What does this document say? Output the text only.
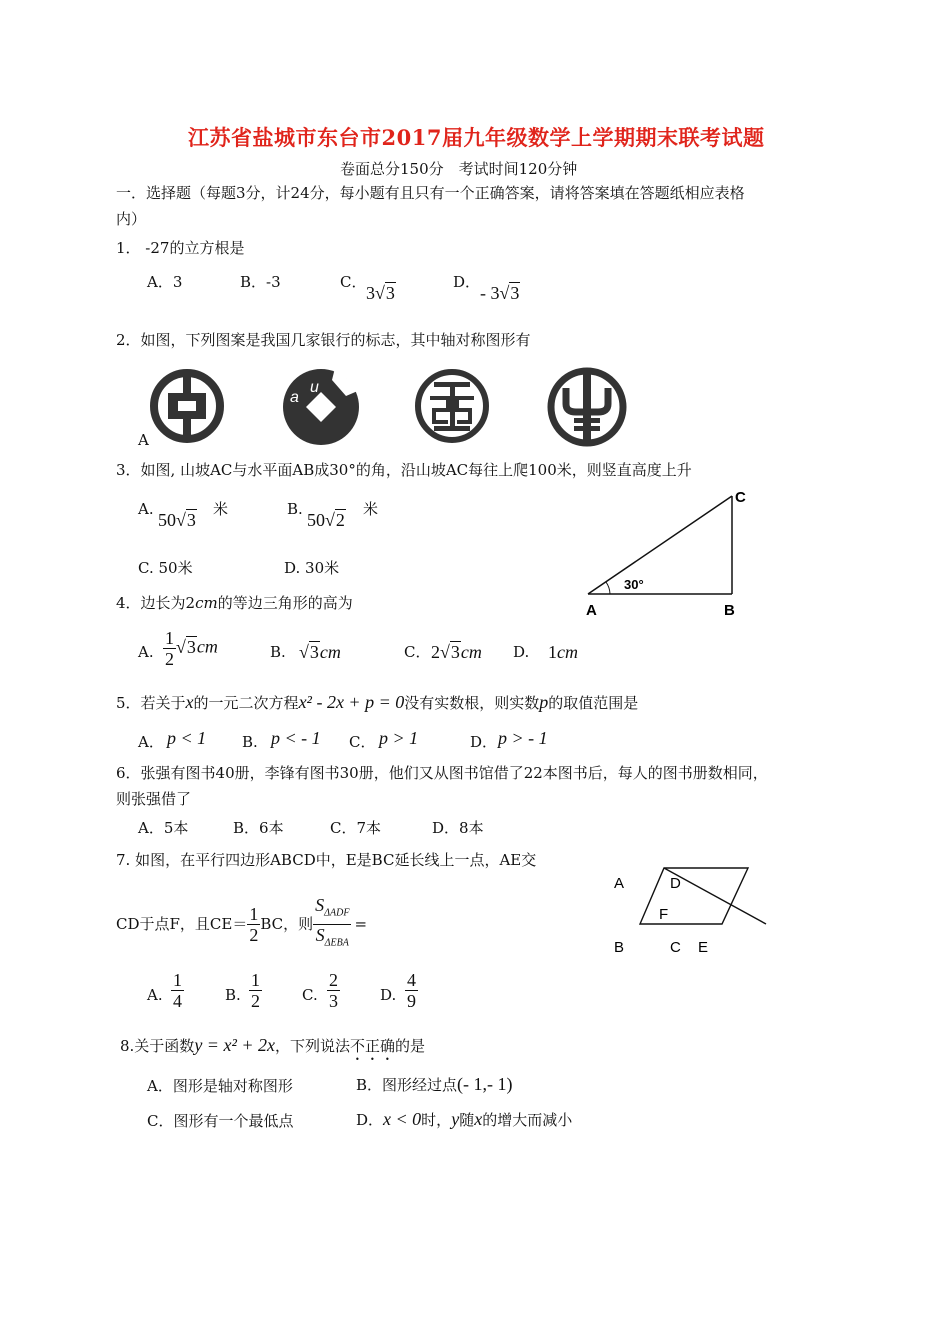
江苏省盐城市东台市2017届九年级数学上学期期末联考试题
卷面总分150分　考试时间120分钟
一．选择题（每题3分，计24分，每小题有且只有一个正确答案，请将答案填在答题纸相应表格
内）
1． -27的立方根是
A．3	B．-3	C．
3√3
D．
- 3√3
2．如图，下列图案是我国几家银行的标志，其中轴对称图形有
A
a
u
3．如图, 山坡AC与水平面AB成30°的角，沿山坡AC每往上爬100米，则竖直高度上升
A.
50√3
米	B.
50√2
米
C. 50米	D. 30米
C
A	B
30°
4．边长为2cm的等边三角形的高为
A. $\frac{1}{2} √3cm$	B. √3cm	C． 2√3cm D. 1cm
5．若关于x的一元二次方程x² - 2x + p = 0没有实数根，则实数p的取值范围是
A． p < 1 B. p < - 1 C． p > 1	D． p > - 1
6．张强有图书40册，李锋有图书30册，他们又从图书馆借了22本图书后，每人的图书册数相同，
则张强借了
A．5本	B．6本	C．7本	D．8本
7. 如图，在平行四边形ABCD中，E是BC延长线上一点，AE交
CD于点F，且$CE= \frac{1}{2}$ BC，则 $\frac{S_{\Delta ADF}}{S_{\Delta EBA}}$ =
A	D
F
B	C E
A. $\frac{1}{4}$	B. $\frac{1}{2}$	C. $\frac{2}{3}$	D. $\frac{4}{9}$
8.关于函数y = x² + 2x，下列说法不正确的是
A．图形是轴对称图形	B．图形经过点(- 1,- 1)
C．图形有一个最低点	D．x < 0时，y随x的增大而减小
